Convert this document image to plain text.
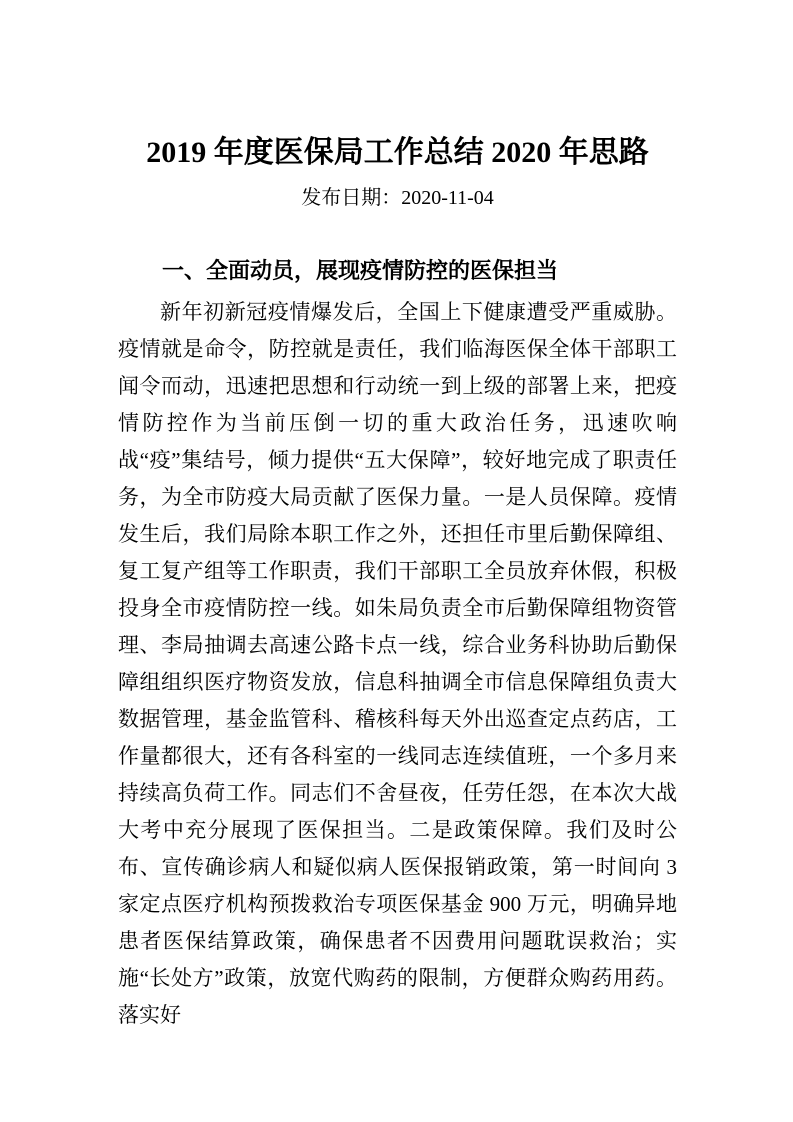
2019 年度医保局工作总结 2020 年思路
发布日期：2020-11-04
一、全面动员，展现疫情防控的医保担当
新年初新冠疫情爆发后，全国上下健康遭受严重威胁。疫情就是命令，防控就是责任，我们临海医保全体干部职工闻令而动，迅速把思想和行动统一到上级的部署上来，把疫情防控作为当前压倒一切的重大政治任务，迅速吹响战“疫”集结号，倾力提供“五大保障”，较好地完成了职责任务，为全市防疫大局贡献了医保力量。一是人员保障。疫情发生后，我们局除本职工作之外，还担任市里后勤保障组、复工复产组等工作职责，我们干部职工全员放弃休假，积极投身全市疫情防控一线。如朱局负责全市后勤保障组物资管理、李局抽调去高速公路卡点一线，综合业务科协助后勤保障组组织医疗物资发放，信息科抽调全市信息保障组负责大数据管理，基金监管科、稽核科每天外出巡查定点药店，工作量都很大，还有各科室的一线同志连续值班，一个多月来持续高负荷工作。同志们不舍昼夜，任劳任怨，在本次大战大考中充分展现了医保担当。二是政策保障。我们及时公布、宣传确诊病人和疑似病人医保报销政策，第一时间向 3 家定点医疗机构预拨救治专项医保基金 900 万元，明确异地患者医保结算政策，确保患者不因费用问题耽误救治；实施“长处方”政策，放宽代购药的限制，方便群众购药用药。落实好
